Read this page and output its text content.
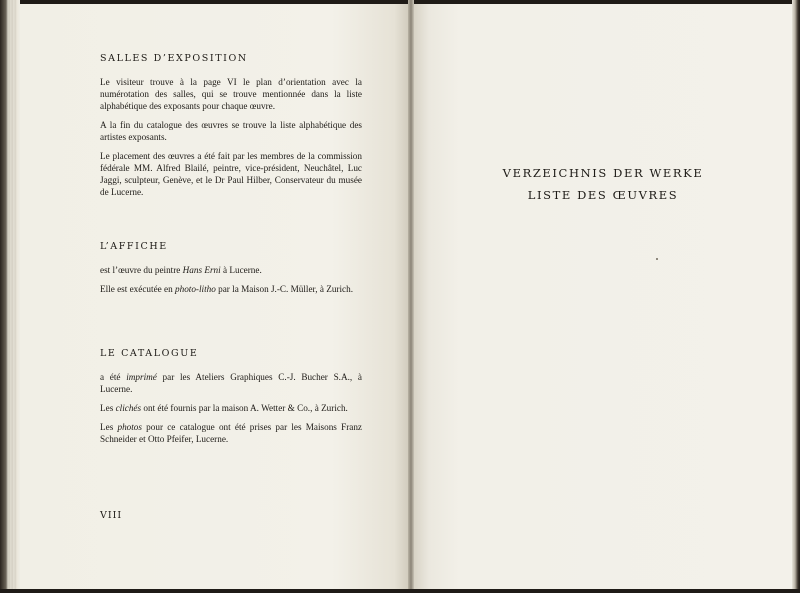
SALLES D’EXPOSITION

Le visiteur trouve à la page VI le plan d’orientation avec la numérotation des salles, qui se trouve mentionnée dans la liste alphabétique des exposants pour chaque œuvre.

A la fin du catalogue des œuvres se trouve la liste alphabétique des artistes exposants.

Le placement des œuvres a été fait par les membres de la commission fédérale MM. Alfred Blailé, peintre, vice-président, Neuchâtel, Luc Jaggi, sculpteur, Genève, et le Dr Paul Hilber, Conservateur du musée de Lucerne.

L’AFFICHE

est l’œuvre du peintre Hans Erni à Lucerne.

Elle est exécutée en photo-litho par la Maison J.-C. Müller, à Zurich.

LE CATALOGUE

a été imprimé par les Ateliers Graphiques C.-J. Bucher S.A., à Lucerne.

Les clichés ont été fournis par la maison A. Wetter & Co., à Zurich.

Les photos pour ce catalogue ont été prises par les Maisons Franz Schneider et Otto Pfeifer, Lucerne.

VIII
VERZEICHNIS DER WERKE
LISTE DES ŒUVRES
